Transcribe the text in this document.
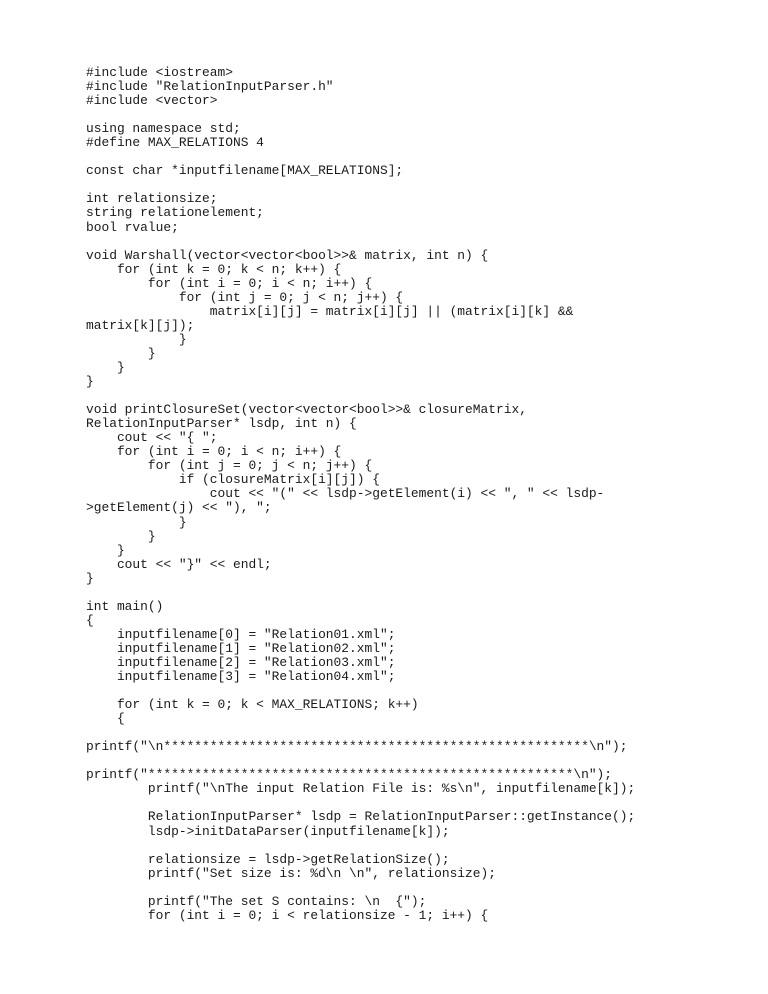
#include <iostream>
#include "RelationInputParser.h"
#include <vector>

using namespace std;
#define MAX_RELATIONS 4

const char *inputfilename[MAX_RELATIONS];

int relationsize;
string relationelement;
bool rvalue;

void Warshall(vector<vector<bool>>& matrix, int n) {
for (int k = 0; k < n; k++) {
for (int i = 0; i < n; i++) {
for (int j = 0; j < n; j++) {
matrix[i][j] = matrix[i][j] || (matrix[i][k] &&
matrix[k][j]);
}
}
}
}

void printClosureSet(vector<vector<bool>>& closureMatrix,
RelationInputParser* lsdp, int n) {
cout << "{ ";
for (int i = 0; i < n; i++) {
for (int j = 0; j < n; j++) {
if (closureMatrix[i][j]) {
cout << "(" << lsdp->getElement(i) << ", " << lsdp-
>getElement(j) << "), ";
}
}
}
cout << "}" << endl;
}

int main()
{
inputfilename[0] = "Relation01.xml";
inputfilename[1] = "Relation02.xml";
inputfilename[2] = "Relation03.xml";
inputfilename[3] = "Relation04.xml";

for (int k = 0; k < MAX_RELATIONS; k++)
{

printf("\n*******************************************************\n");

printf("*******************************************************\n");
printf("\nThe input Relation File is: %s\n", inputfilename[k]);

RelationInputParser* lsdp = RelationInputParser::getInstance();
lsdp->initDataParser(inputfilename[k]);

relationsize = lsdp->getRelationSize();
printf("Set size is: %d\n \n", relationsize);

printf("The set S contains: \n  {");
for (int i = 0; i < relationsize - 1; i++) {
